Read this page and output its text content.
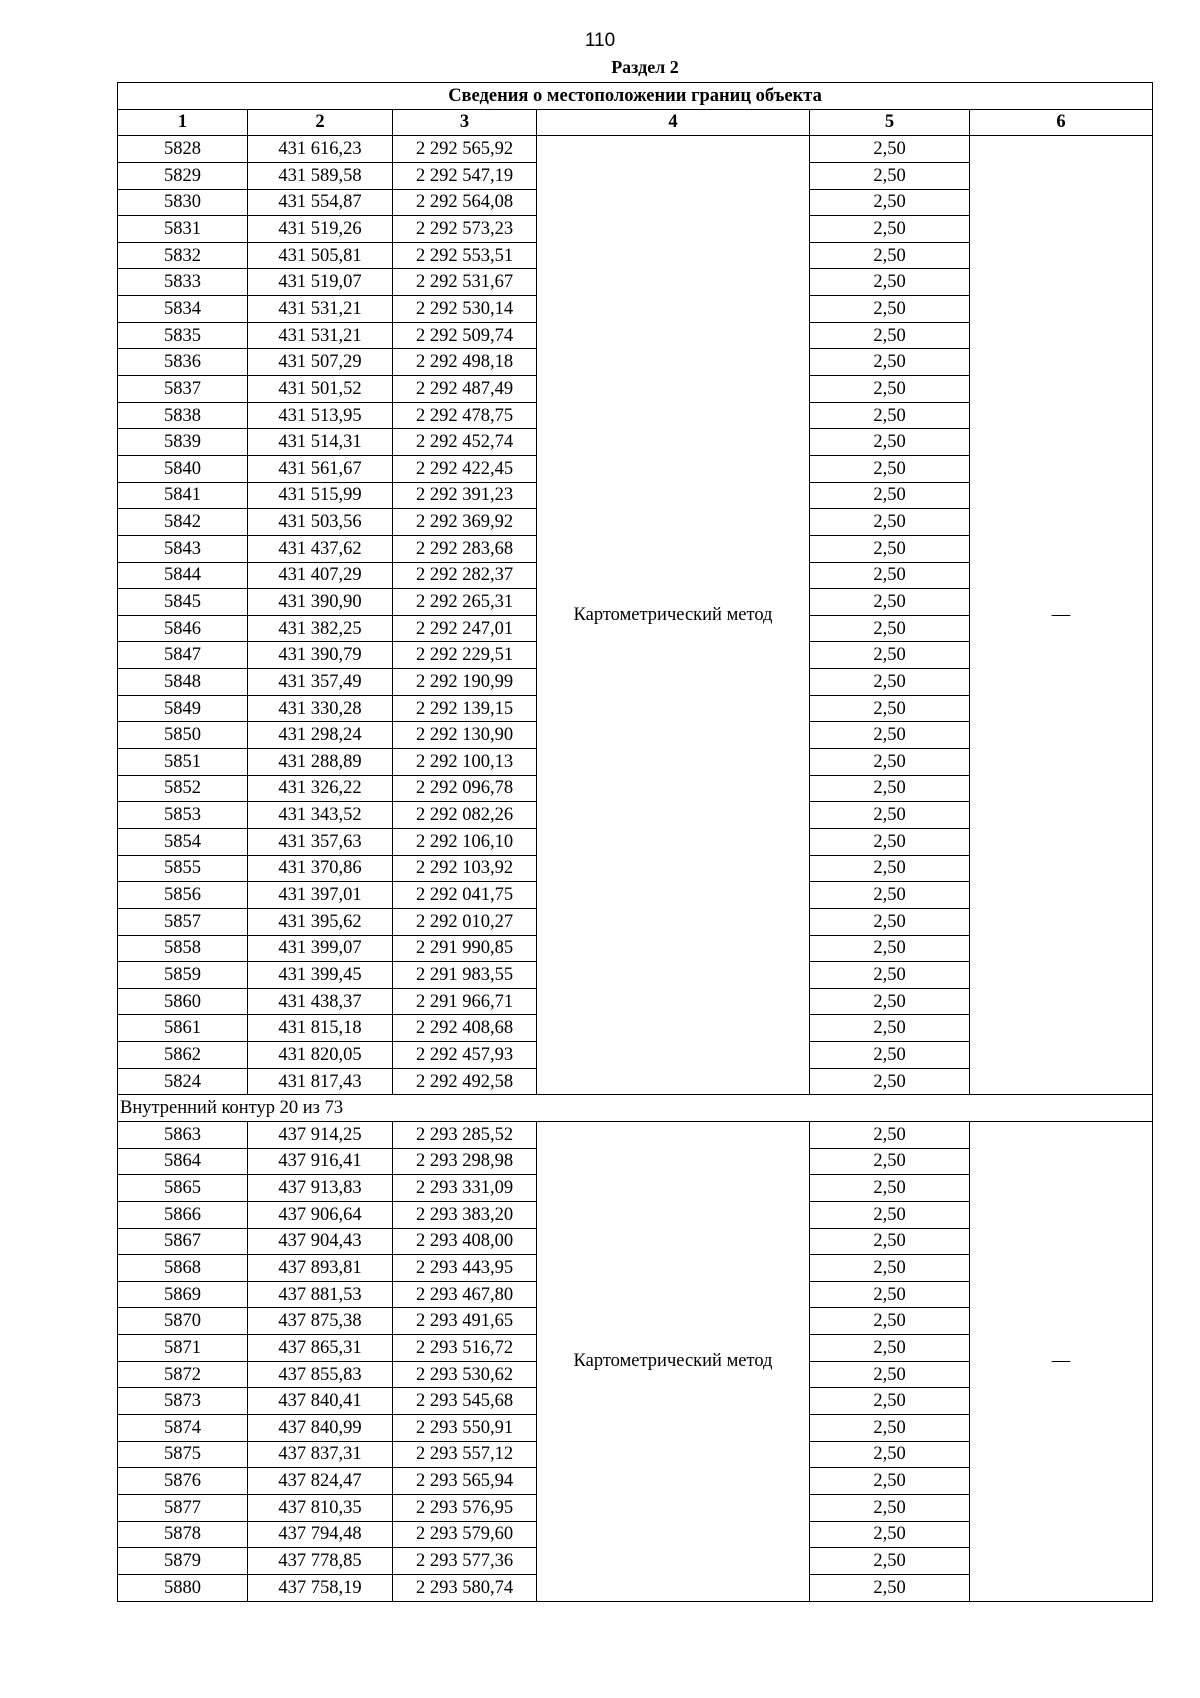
110
Раздел 2
Сведения о местоположении границ объекта					
1	2	3	4	5	6
5828	431 616,23	2 292 565,92	Картометрический метод	2,50	—
5829	431 589,58	2 292 547,19		2,50	
5830	431 554,87	2 292 564,08		2,50	
5831	431 519,26	2 292 573,23		2,50	
5832	431 505,81	2 292 553,51		2,50	
5833	431 519,07	2 292 531,67		2,50	
5834	431 531,21	2 292 530,14		2,50	
5835	431 531,21	2 292 509,74		2,50	
5836	431 507,29	2 292 498,18		2,50	
5837	431 501,52	2 292 487,49		2,50	
5838	431 513,95	2 292 478,75		2,50	
5839	431 514,31	2 292 452,74		2,50	
5840	431 561,67	2 292 422,45		2,50	
5841	431 515,99	2 292 391,23		2,50	
5842	431 503,56	2 292 369,92		2,50	
5843	431 437,62	2 292 283,68		2,50	
5844	431 407,29	2 292 282,37		2,50	
5845	431 390,90	2 292 265,31		2,50	
5846	431 382,25	2 292 247,01		2,50	
5847	431 390,79	2 292 229,51		2,50	
5848	431 357,49	2 292 190,99		2,50	
5849	431 330,28	2 292 139,15		2,50	
5850	431 298,24	2 292 130,90		2,50	
5851	431 288,89	2 292 100,13		2,50	
5852	431 326,22	2 292 096,78		2,50	
5853	431 343,52	2 292 082,26		2,50	
5854	431 357,63	2 292 106,10		2,50	
5855	431 370,86	2 292 103,92		2,50	
5856	431 397,01	2 292 041,75		2,50	
5857	431 395,62	2 292 010,27		2,50	
5858	431 399,07	2 291 990,85		2,50	
5859	431 399,45	2 291 983,55		2,50	
5860	431 438,37	2 291 966,71		2,50	
5861	431 815,18	2 292 408,68		2,50	
5862	431 820,05	2 292 457,93		2,50	
5824	431 817,43	2 292 492,58		2,50	
Внутренний контур 20 из 73					
5863	437 914,25	2 293 285,52	Картометрический метод	2,50	—
5864	437 916,41	2 293 298,98		2,50	
5865	437 913,83	2 293 331,09		2,50	
5866	437 906,64	2 293 383,20		2,50	
5867	437 904,43	2 293 408,00		2,50	
5868	437 893,81	2 293 443,95		2,50	
5869	437 881,53	2 293 467,80		2,50	
5870	437 875,38	2 293 491,65		2,50	
5871	437 865,31	2 293 516,72		2,50	
5872	437 855,83	2 293 530,62		2,50	
5873	437 840,41	2 293 545,68		2,50	
5874	437 840,99	2 293 550,91		2,50	
5875	437 837,31	2 293 557,12		2,50	
5876	437 824,47	2 293 565,94		2,50	
5877	437 810,35	2 293 576,95		2,50	
5878	437 794,48	2 293 579,60		2,50	
5879	437 778,85	2 293 577,36		2,50	
5880	437 758,19	2 293 580,74		2,50	
